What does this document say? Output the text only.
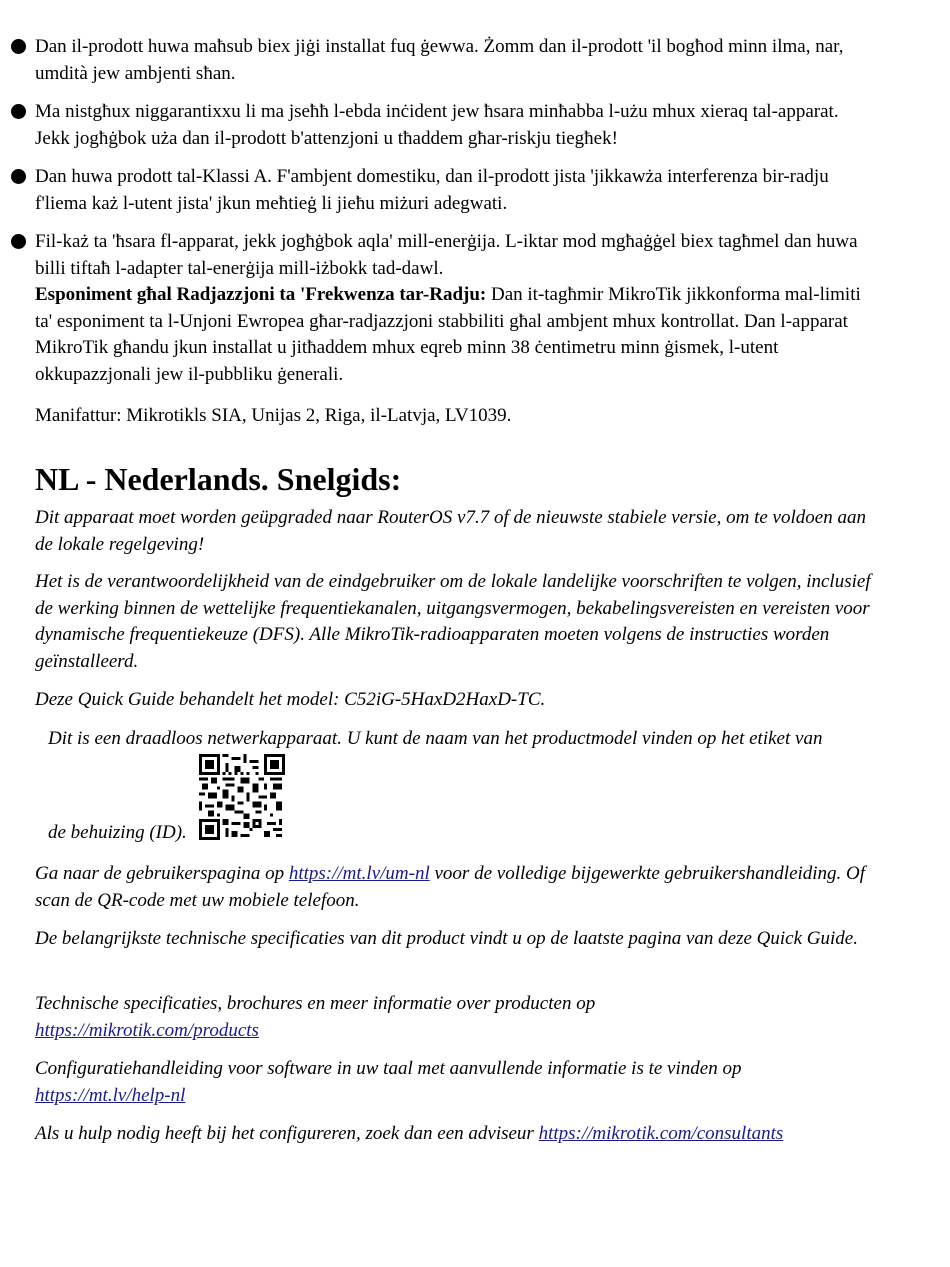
Dan il-prodott huwa maħsub biex jiġi installat fuq ġewwa. Żomm dan il-prodott 'il bogħod minn ilma, nar, umdità jew ambjenti sħan.

Ma nistgħux niggarantixxu li ma jseħħ l-ebda inċident jew ħsara minħabba l-użu mhux xieraq tal-apparat. Jekk jogħġbok uża dan il-prodott b'attenzjoni u tħaddem għar-riskju tiegħek!

Dan huwa prodott tal-Klassi A. F'ambjent domestiku, dan il-prodott jista 'jikkawża interferenza bir-radju f'liema każ l-utent jista' jkun meħtieġ li jieħu miżuri adegwati.

Fil-każ ta 'ħsara fl-apparat, jekk jogħġbok aqla' mill-enerġija. L-iktar mod mgħaġġel biex tagħmel dan huwa billi tiftaħ l-adapter tal-enerġija mill-iżbokk tad-dawl.

Esponiment għal Radjazzjoni ta 'Frekwenza tar-Radju: Dan it-tagħmir MikroTik jikkonforma mal-limiti ta' esponiment ta l-Unjoni Ewropea għar-radjazzjoni stabbiliti għal ambjent mhux kontrollat. Dan l-apparat MikroTik għandu jkun installat u jitħaddem mhux eqreb minn 38 ċentimetru minn ġismek, l-utent okkupazzjonali jew il-pubbliku ġenerali.

Manifattur: Mikrotikls SIA, Unijas 2, Riga, il-Latvja, LV1039.

NL - Nederlands. Snelgids:

Dit apparaat moet worden geüpgraded naar RouterOS v7.7 of de nieuwste stabiele versie, om te voldoen aan de lokale regelgeving!

Het is de verantwoordelijkheid van de eindgebruiker om de lokale landelijke voorschriften te volgen, inclusief de werking binnen de wettelijke frequentiekanalen, uitgangsvermogen, bekabelingsvereisten en vereisten voor dynamische frequentiekeuze (DFS). Alle MikroTik-radioapparaten moeten volgens de instructies worden geïnstalleerd.

Deze Quick Guide behandelt het model: C52iG-5HaxD2HaxD-TC.

Dit is een draadloos netwerkapparaat. U kunt de naam van het productmodel vinden op het etiket van

de behuizing (ID).

Ga naar de gebruikerspagina op https://mt.lv/um-nl voor de volledige bijgewerkte gebruikershandleiding. Of scan de QR-code met uw mobiele telefoon.

De belangrijkste technische specificaties van dit product vindt u op de laatste pagina van deze Quick Guide.

Technische specificaties, brochures en meer informatie over producten op https://mikrotik.com/products

Configuratiehandleiding voor software in uw taal met aanvullende informatie is te vinden op https://mt.lv/help-nl

Als u hulp nodig heeft bij het configureren, zoek dan een adviseur https://mikrotik.com/consultants
